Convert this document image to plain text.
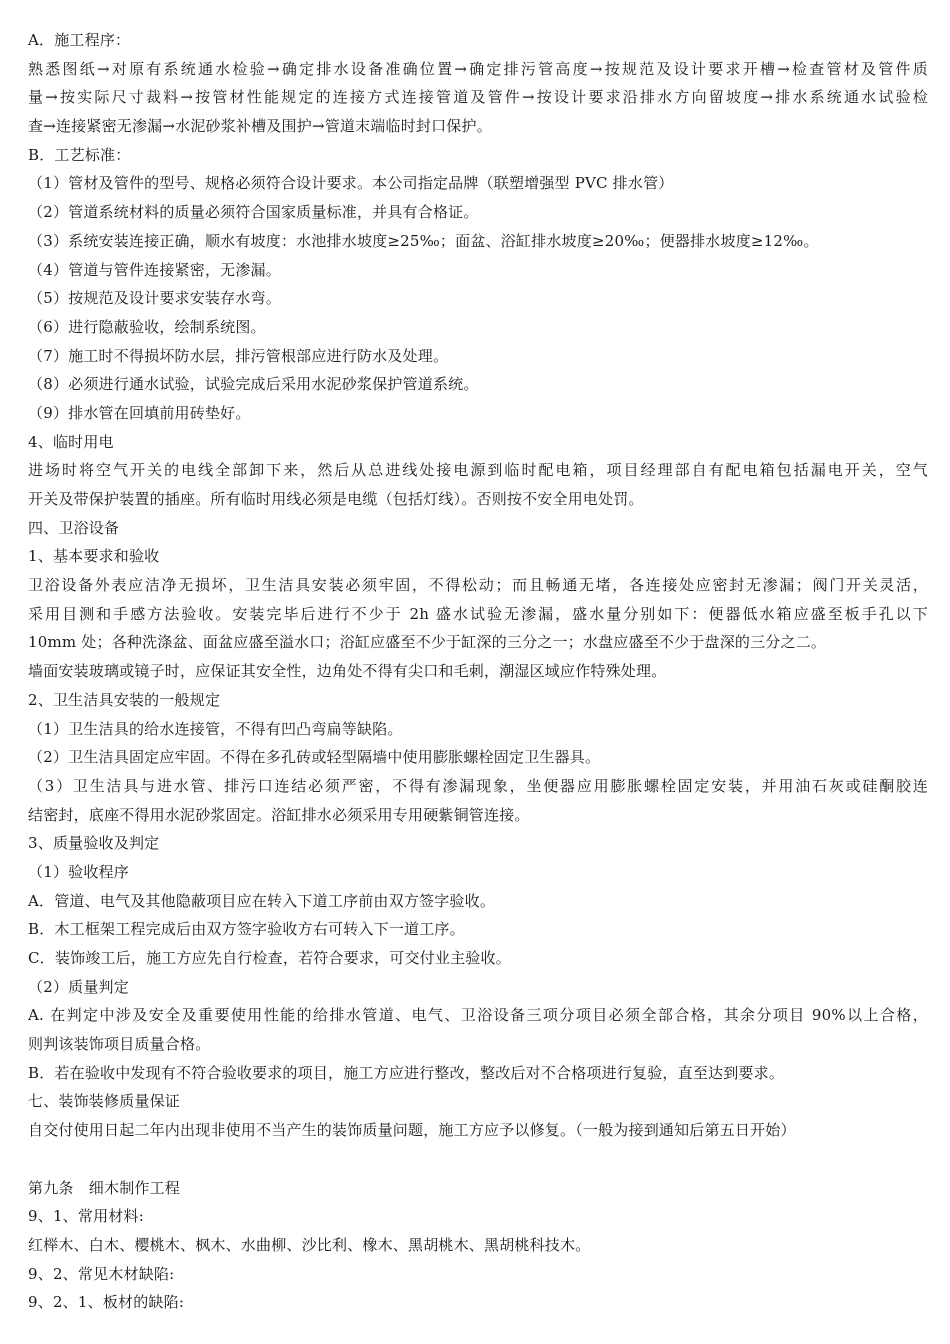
A．施工程序：
熟悉图纸→对原有系统通水检验→确定排水设备准确位置→确定排污管高度→按规范及设计要求开槽→检查管材及管件质
量→按实际尺寸裁料→按管材性能规定的连接方式连接管道及管件→按设计要求沿排水方向留坡度→排水系统通水试验检
查→连接紧密无渗漏→水泥砂浆补槽及围护→管道末端临时封口保护。
B．工艺标准：
（1）管材及管件的型号、规格必须符合设计要求。本公司指定品牌（联塑增强型 PVC 排水管）
（2）管道系统材料的质量必须符合国家质量标准，并具有合格证。
（3）系统安装连接正确，顺水有坡度：水池排水坡度≥25‰；面盆、浴缸排水坡度≥20‰；便器排水坡度≥12‰。
（4）管道与管件连接紧密，无渗漏。
（5）按规范及设计要求安装存水弯。
（6）进行隐蔽验收，绘制系统图。
（7）施工时不得损坏防水层，排污管根部应进行防水及处理。
（8）必须进行通水试验，试验完成后采用水泥砂浆保护管道系统。
（9）排水管在回填前用砖垫好。
4、临时用电
进场时将空气开关的电线全部卸下来，然后从总进线处接电源到临时配电箱，项目经理部自有配电箱包括漏电开关，空气
开关及带保护装置的插座。所有临时用线必须是电缆（包括灯线）。否则按不安全用电处罚。
四、卫浴设备
1、基本要求和验收
卫浴设备外表应洁净无损坏，卫生洁具安装必须牢固，不得松动；而且畅通无堵，各连接处应密封无渗漏；阀门开关灵活，
采用目测和手感方法验收。安装完毕后进行不少于 2h 盛水试验无渗漏，盛水量分别如下：便器低水箱应盛至板手孔以下
10mm 处；各种洗涤盆、面盆应盛至溢水口；浴缸应盛至不少于缸深的三分之一；水盘应盛至不少于盘深的三分之二。
墙面安装玻璃或镜子时，应保证其安全性，边角处不得有尖口和毛刺，潮湿区域应作特殊处理。
2、卫生洁具安装的一般规定
（1）卫生洁具的给水连接管，不得有凹凸弯扁等缺陷。
（2）卫生洁具固定应牢固。不得在多孔砖或轻型隔墙中使用膨胀螺栓固定卫生器具。
（3）卫生洁具与进水管、排污口连结必须严密，不得有渗漏现象，坐便器应用膨胀螺栓固定安装，并用油石灰或硅酮胶连
结密封，底座不得用水泥砂浆固定。浴缸排水必须采用专用硬紫铜管连接。
3、质量验收及判定
（1）验收程序
A．管道、电气及其他隐蔽项目应在转入下道工序前由双方签字验收。
B．木工框架工程完成后由双方签字验收方右可转入下一道工序。
C．装饰竣工后，施工方应先自行检查，若符合要求，可交付业主验收。
（2）质量判定
A. 在判定中涉及安全及重要使用性能的给排水管道、电气、卫浴设备三项分项目必须全部合格，其余分项目 90%以上合格，
则判该装饰项目质量合格。
B．若在验收中发现有不符合验收要求的项目，施工方应进行整改，整改后对不合格项进行复验，直至达到要求。
七、装饰装修质量保证
自交付使用日起二年内出现非使用不当产生的装饰质量问题，施工方应予以修复。（一般为接到通知后第五日开始）
第九条　细木制作工程
9、1、常用材料:
红榉木、白木、樱桃木、枫木、水曲柳、沙比利、橡木、黑胡桃木、黑胡桃科技木。
9、2、常见木材缺陷:
9、2、1、板材的缺陷:
